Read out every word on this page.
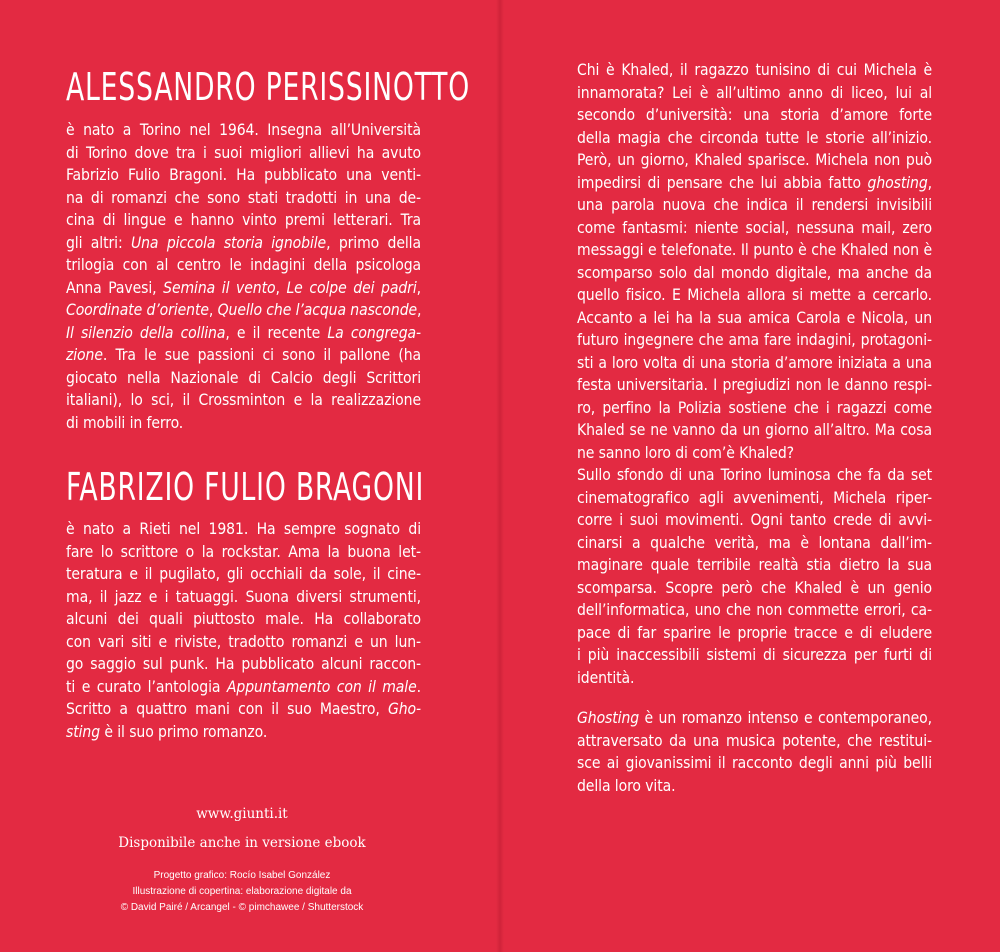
ALESSANDRO PERISSINOTTO
è nato a Torino nel 1964. Insegna all’Università
di Torino dove tra i suoi migliori allievi ha avuto
Fabrizio Fulio Bragoni. Ha pubblicato una venti-
na di romanzi che sono stati tradotti in una de-
cina di lingue e hanno vinto premi letterari. Tra
gli altri: Una piccola storia ignobile, primo della
trilogia con al centro le indagini della psicologa
Anna Pavesi, Semina il vento, Le colpe dei padri,
Coordinate d’oriente, Quello che l’acqua nasconde,
Il silenzio della collina, e il recente La congrega-
zione. Tra le sue passioni ci sono il pallone (ha
giocato nella Nazionale di Calcio degli Scrittori
italiani), lo sci, il Crossminton e la realizzazione
di mobili in ferro.
FABRIZIO FULIO BRAGONI
è nato a Rieti nel 1981. Ha sempre sognato di
fare lo scrittore o la rockstar. Ama la buona let-
teratura e il pugilato, gli occhiali da sole, il cine-
ma, il jazz e i tatuaggi. Suona diversi strumenti,
alcuni dei quali piuttosto male. Ha collaborato
con vari siti e riviste, tradotto romanzi e un lun-
go saggio sul punk. Ha pubblicato alcuni raccon-
ti e curato l’antologia Appuntamento con il male.
Scritto a quattro mani con il suo Maestro, Gho-
sting è il suo primo romanzo.
www.giunti.it
Disponibile anche in versione ebook
Progetto grafico: Rocío Isabel González
Illustrazione di copertina: elaborazione digitale da
© David Pairé / Arcangel - © pimchawee / Shutterstock
Chi è Khaled, il ragazzo tunisino di cui Michela è
innamorata? Lei è all’ultimo anno di liceo, lui al
secondo d’università: una storia d’amore forte
della magia che circonda tutte le storie all’inizio.
Però, un giorno, Khaled sparisce. Michela non può
impedirsi di pensare che lui abbia fatto ghosting,
una parola nuova che indica il rendersi invisibili
come fantasmi: niente social, nessuna mail, zero
messaggi e telefonate. Il punto è che Khaled non è
scomparso solo dal mondo digitale, ma anche da
quello fisico. E Michela allora si mette a cercarlo.
Accanto a lei ha la sua amica Carola e Nicola, un
futuro ingegnere che ama fare indagini, protagoni-
sti a loro volta di una storia d’amore iniziata a una
festa universitaria. I pregiudizi non le danno respi-
ro, perfino la Polizia sostiene che i ragazzi come
Khaled se ne vanno da un giorno all’altro. Ma cosa
ne sanno loro di com’è Khaled?
Sullo sfondo di una Torino luminosa che fa da set
cinematografico agli avvenimenti, Michela riper-
corre i suoi movimenti. Ogni tanto crede di avvi-
cinarsi a qualche verità, ma è lontana dall’im-
maginare quale terribile realtà stia dietro la sua
scomparsa. Scopre però che Khaled è un genio
dell’informatica, uno che non commette errori, ca-
pace di far sparire le proprie tracce e di eludere
i più inaccessibili sistemi di sicurezza per furti di
identità.
Ghosting è un romanzo intenso e contemporaneo,
attraversato da una musica potente, che restitui-
sce ai giovanissimi il racconto degli anni più belli
della loro vita.
